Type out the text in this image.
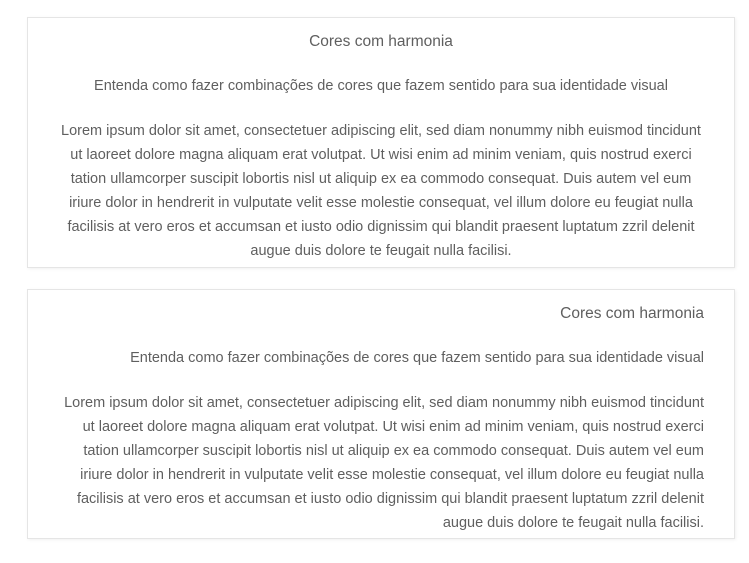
Cores com harmonia
Entenda como fazer combinações de cores que fazem sentido para sua identidade visual
Lorem ipsum dolor sit amet, consectetuer adipiscing elit, sed diam nonummy nibh euismod tincidunt ut laoreet dolore magna aliquam erat volutpat. Ut wisi enim ad minim veniam, quis nostrud exerci tation ullamcorper suscipit lobortis nisl ut aliquip ex ea commodo consequat. Duis autem vel eum iriure dolor in hendrerit in vulputate velit esse molestie consequat, vel illum dolore eu feugiat nulla facilisis at vero eros et accumsan et iusto odio dignissim qui blandit praesent luptatum zzril delenit augue duis dolore te feugait nulla facilisi.
Cores com harmonia
Entenda como fazer combinações de cores que fazem sentido para sua identidade visual
Lorem ipsum dolor sit amet, consectetuer adipiscing elit, sed diam nonummy nibh euismod tincidunt ut laoreet dolore magna aliquam erat volutpat. Ut wisi enim ad minim veniam, quis nostrud exerci tation ullamcorper suscipit lobortis nisl ut aliquip ex ea commodo consequat. Duis autem vel eum iriure dolor in hendrerit in vulputate velit esse molestie consequat, vel illum dolore eu feugiat nulla facilisis at vero eros et accumsan et iusto odio dignissim qui blandit praesent luptatum zzril delenit augue duis dolore te feugait nulla facilisi.
